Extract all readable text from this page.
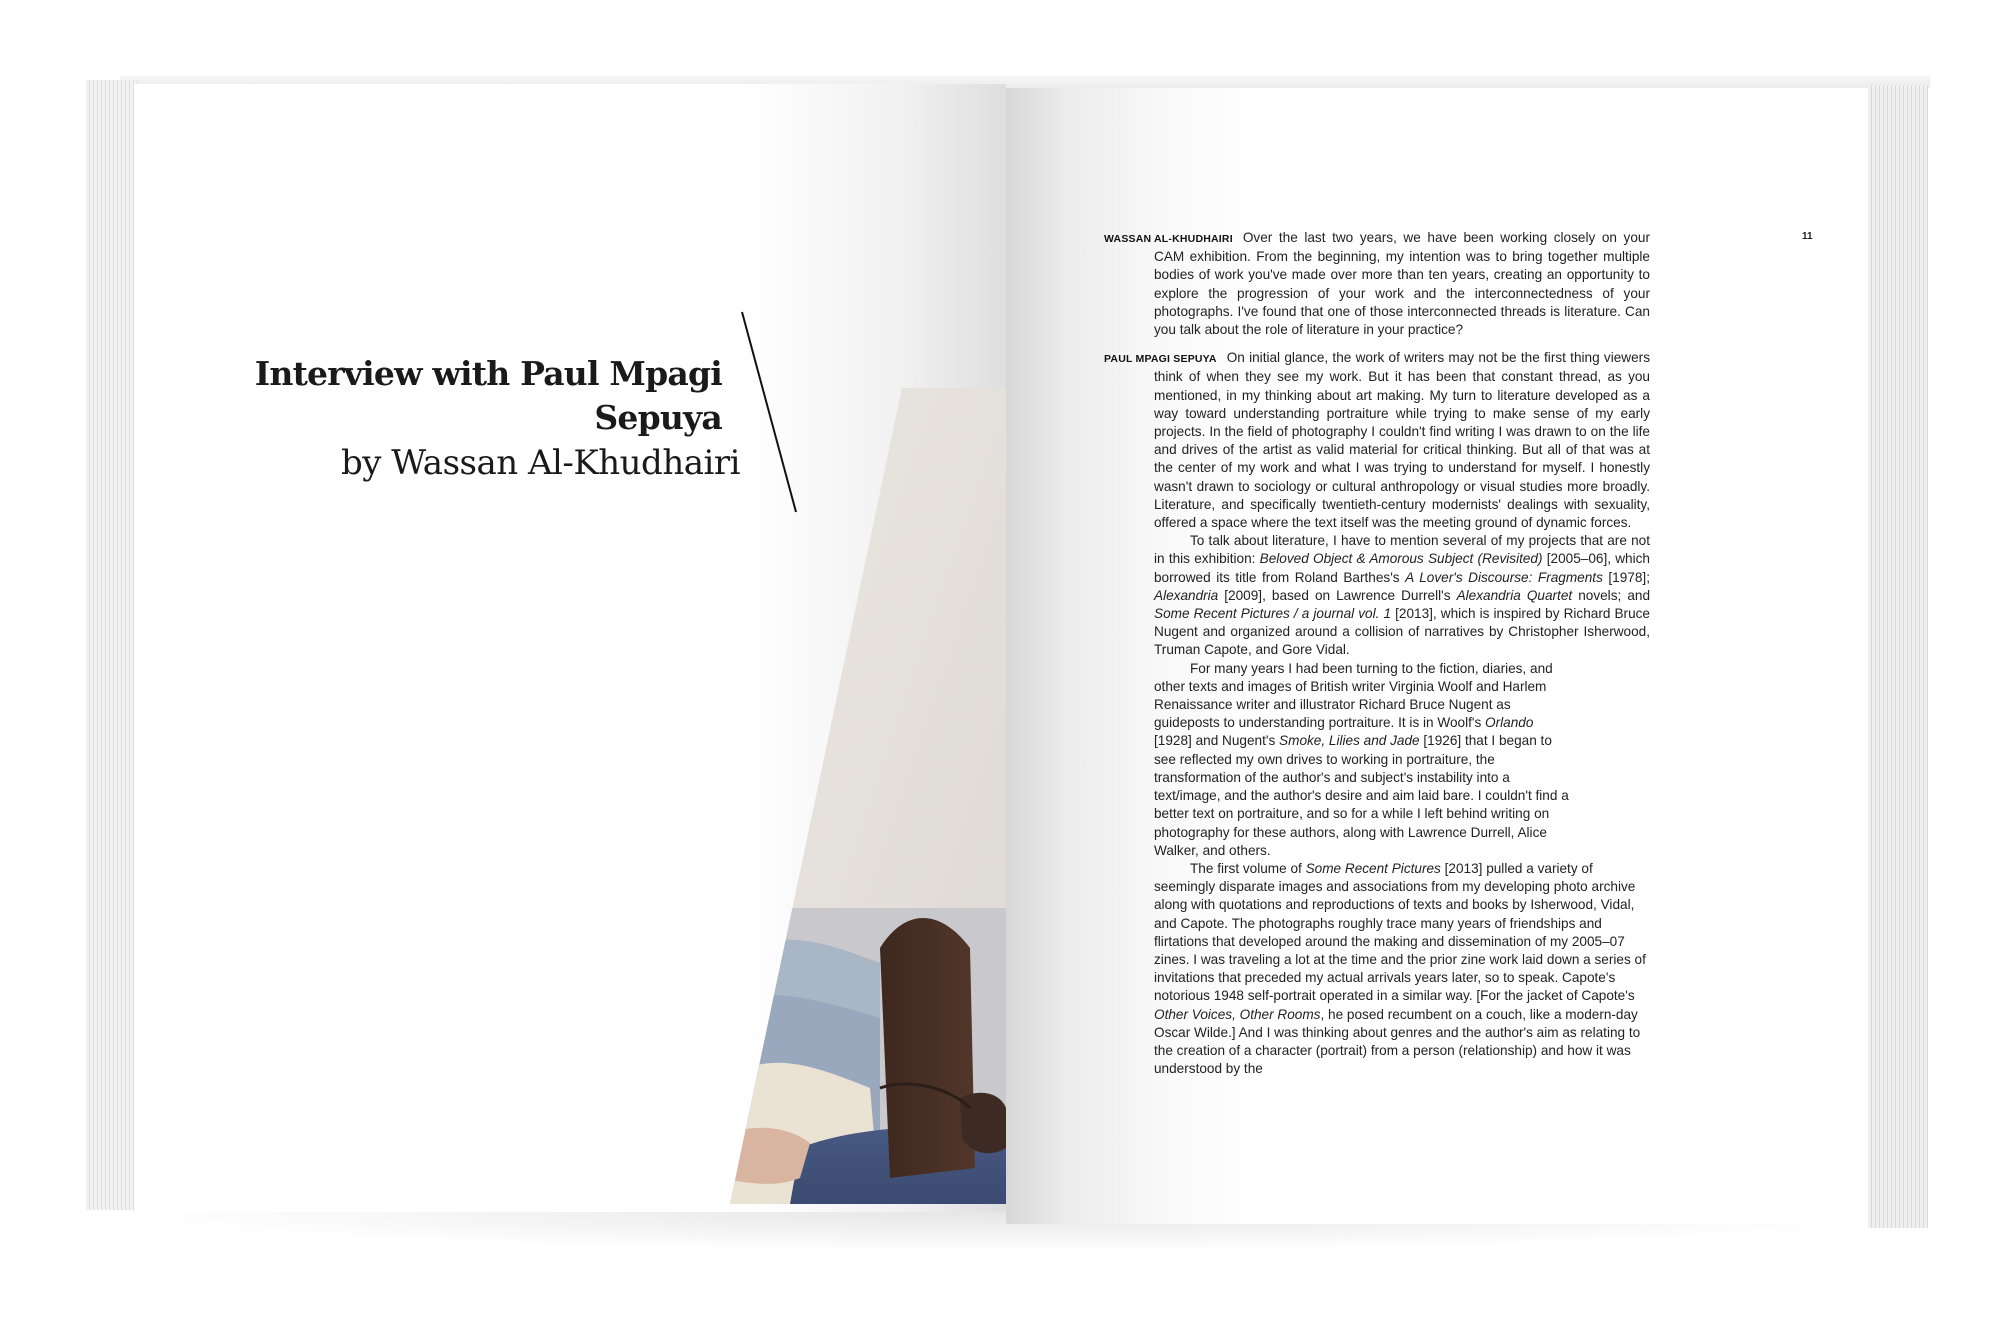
Interview with Paul Mpagi Sepuya
by Wassan Al-Khudhairi
11

WASSAN AL-KHUDHAIRI Over the last two years, we have been working closely on your CAM exhibition. From the beginning, my intention was to bring together multiple bodies of work you've made over more than ten years, creating an opportunity to explore the progression of your work and the interconnectedness of your photographs. I've found that one of those interconnected threads is literature. Can you talk about the role of literature in your practice?

PAUL MPAGI SEPUYA On initial glance, the work of writers may not be the first thing viewers think of when they see my work. But it has been that constant thread, as you mentioned, in my thinking about art making. My turn to literature developed as a way toward understanding portraiture while trying to make sense of my early projects. In the field of photography I couldn't find writing I was drawn to on the life and drives of the artist as valid material for critical thinking. But all of that was at the center of my work and what I was trying to understand for myself. I honestly wasn't drawn to sociology or cultural anthropology or visual studies more broadly. Literature, and specifically twentieth-century modernists' dealings with sexuality, offered a space where the text itself was the meeting ground of dynamic forces.

To talk about literature, I have to mention several of my projects that are not in this exhibition: Beloved Object & Amorous Subject (Revisited) [2005–06], which borrowed its title from Roland Barthes's A Lover's Discourse: Fragments [1978]; Alexandria [2009], based on Lawrence Durrell's Alexandria Quartet novels; and Some Recent Pictures / a journal vol. 1 [2013], which is inspired by Richard Bruce Nugent and organized around a collision of narratives by Christopher Isherwood, Truman Capote, and Gore Vidal.

For many years I had been turning to the fiction, diaries, and other texts and images of British writer Virginia Woolf and Harlem Renaissance writer and illustrator Richard Bruce Nugent as guideposts to understanding portraiture. It is in Woolf's Orlando [1928] and Nugent's Smoke, Lilies and Jade [1926] that I began to see reflected my own drives to working in portraiture, the transformation of the author's and subject's instability into a text/image, and the author's desire and aim laid bare. I couldn't find a better text on portraiture, and so for a while I left behind writing on photography for these authors, along with Lawrence Durrell, Alice Walker, and others.

The first volume of Some Recent Pictures [2013] pulled a variety of seemingly disparate images and associations from my developing photo archive along with quotations and reproductions of texts and books by Isherwood, Vidal, and Capote. The photographs roughly trace many years of friendships and flirtations that developed around the making and dissemination of my 2005–07 zines. I was traveling a lot at the time and the prior zine work laid down a series of invitations that preceded my actual arrivals years later, so to speak. Capote's notorious 1948 self-portrait operated in a similar way. [For the jacket of Capote's Other Voices, Other Rooms, he posed recumbent on a couch, like a modern-day Oscar Wilde.] And I was thinking about genres and the author's aim as relating to the creation of a character (portrait) from a person (relationship) and how it was understood by the
